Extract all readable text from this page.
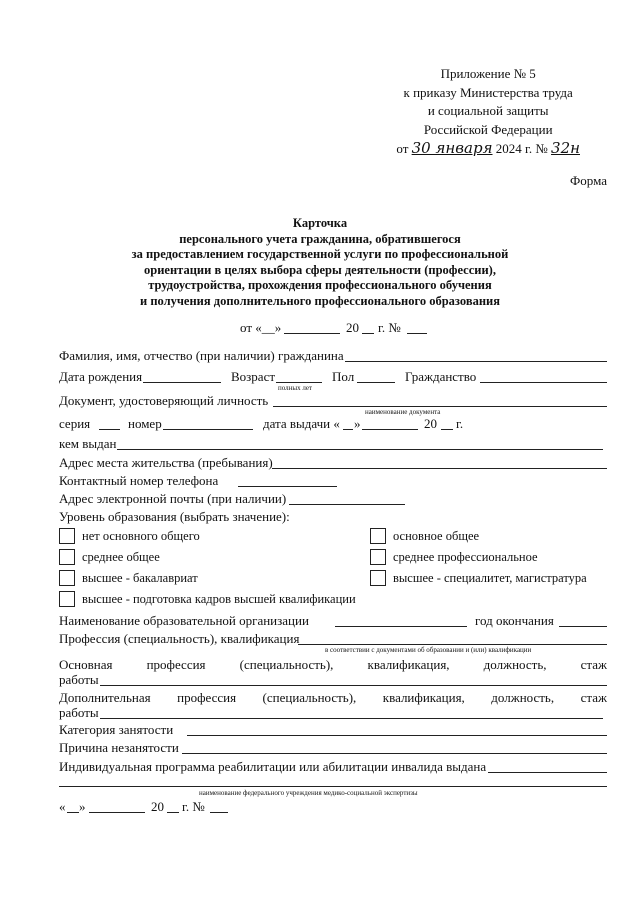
Приложение № 5
к приказу Министерства труда
и социальной защиты
Российской Федерации
от 30 января 2024 г. № 32н
Форма
Карточка
персонального учета гражданина, обратившегося
за предоставлением государственной услуги по профессиональной
ориентации в целях выбора сферы деятельности (профессии),
трудоустройства, прохождения профессионального обучения
и получения дополнительного профессионального образования
от «__»	20 г. №
Фамилия, имя, отчество (при наличии) гражданина
Дата рождения	Возраст
полных лет
Пол	Гражданство
Документ, удостоверяющий личность
наименование документа
серия	номер	дата выдачи « »	20 г.
кем выдан
Адрес места жительства (пребывания)
Контактный номер телефона
Адрес электронной почты (при наличии)
Уровень образования (выбрать значение):
нет основного общего	основное общее
среднее общее	среднее профессиональное
высшее - бакалавриат	высшее - специалитет, магистратура
высшее - подготовка кадров высшей квалификации
Наименование образовательной организации	год окончания
Профессия (специальность), квалификация
в соответствии с документами об образовании и (или) квалификации
Основная	профессия	(специальность),	квалификация,	должность,	стаж
работы
Дополнительная профессия (специальность), квалификация, должность, стаж
работы
Категория занятости
Причина незанятости
Индивидуальная программа реабилитации или абилитации инвалида выдана
наименование федерального учреждения медико-социальной экспертизы
« »	20 г. №
